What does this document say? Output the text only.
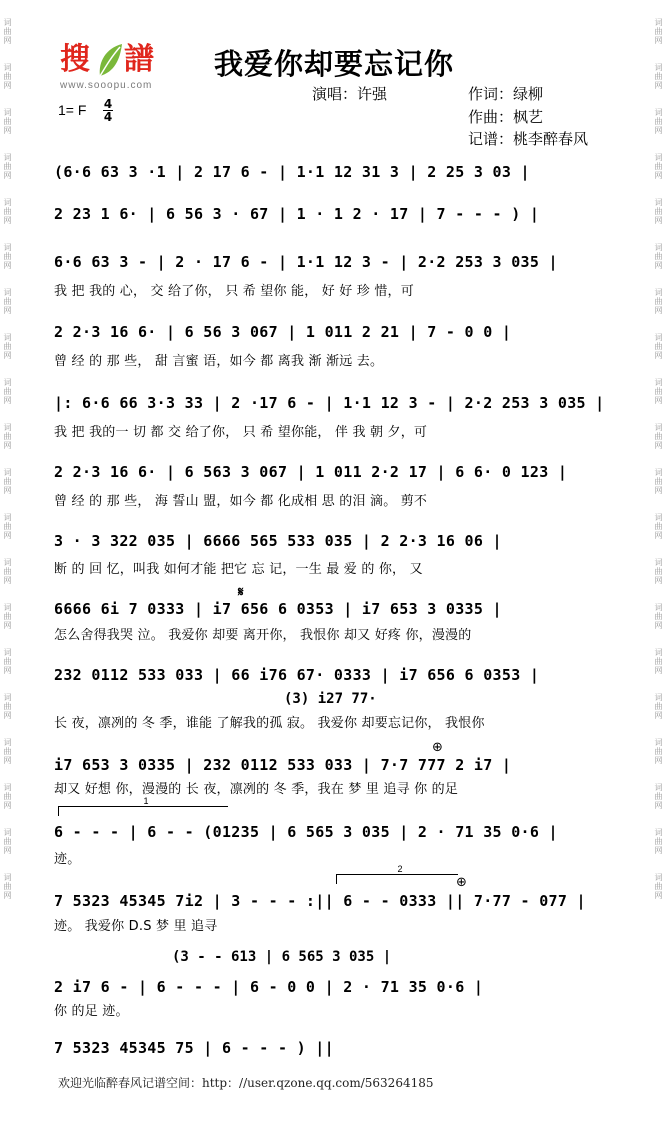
词曲网
词曲网
词曲网
词曲网
词曲网
词曲网
词曲网
词曲网
词曲网
词曲网
词曲网
词曲网
词曲网
词曲网
词曲网
词曲网
词曲网
词曲网
词曲网
词曲网
词曲网
词曲网
词曲网
词曲网
词曲网
词曲网
词曲网
词曲网
词曲网
词曲网
词曲网
词曲网
词曲网
词曲网
词曲网
词曲网
词曲网
词曲网
词曲网
词曲网
搜 譜
www.sooopu.com
我爱你却要忘记你
演唱：许强	作词：绿柳
作曲：枫艺
记谱：桃李醉春风
1= F 4
4
(6·6 63 3 ·1 | 2 17 6 - | 1·1 12 31 3 | 2 25 3 03 |
2 23 1 6· | 6 56 3 · 67 | 1 · 1 2 · 17 | 7 - - - ) |
6·6 63 3 - | 2 · 17 6 - | 1·1 12 3 - | 2·2 253 3 035 |
我 把 我的 心， 交 给了你， 只 希 望你 能， 好 好 珍 惜，可
2 2·3 16 6· | 6 56 3 067 | 1 011 2 21 | 7 - 0 0 |
曾 经 的 那 些， 甜 言蜜 语，如今 都 离我 渐 渐远 去。
|: 6·6 66 3·3 33 | 2 ·17 6 - | 1·1 12 3 - | 2·2 253 3 035 |
我 把 我的一 切 都 交 给了你， 只 希 望你能， 伴 我 朝 夕，可
2 2·3 16 6· | 6 563 3 067 | 1 011 2·2 17 | 6 6· 0 123 |
曾 经 的 那 些， 海 誓山 盟，如今 都 化成相 思 的泪 滴。 剪不
3 · 3 322 035 | 6666 565 533 035 | 2 2·3 16 06 |
断 的 回 忆，叫我 如何才能 把它 忘 记，一生 最 爱 的 你， 又
𝄋
6666 6i 7 0333 | i7 656 6 0353 | i7 653 3 0335 |
怎么舍得我哭 泣。 我爱你 却要 离开你， 我恨你 却又 好疼 你，漫漫的
232 0112 533 033 | 66 i76 67· 0333 | i7 656 6 0353 |
(3) i27 77·
长 夜，凛冽的 冬 季，谁能 了解我的孤 寂。 我爱你 却要忘记你， 我恨你
⊕
i7 653 3 0335 | 232 0112 533 033 | 7·7 777 2 i7 |
却又 好想 你，漫漫的 长 夜，凛冽的 冬 季，我在 梦 里 追寻 你 的足
1
6 - - - | 6 - - (01235 | 6 565 3 035 | 2 · 71 35 0·6 |
迹。
2
⊕
7 5323 45345 7i2 | 3 - - - :|| 6 - - 0333 || 7·77 - 077 |
迹。 我爱你 D.S 梦 里 追寻
(3 - - 613 | 6 565 3 035 |
2 i7 6 - | 6 - - - | 6 - 0 0 | 2 · 71 35 0·6 |
你 的足 迹。
7 5323 45345 75 | 6 - - - ) ||
欢迎光临醉春风记谱空间：http：//user.qzone.qq.com/563264185
